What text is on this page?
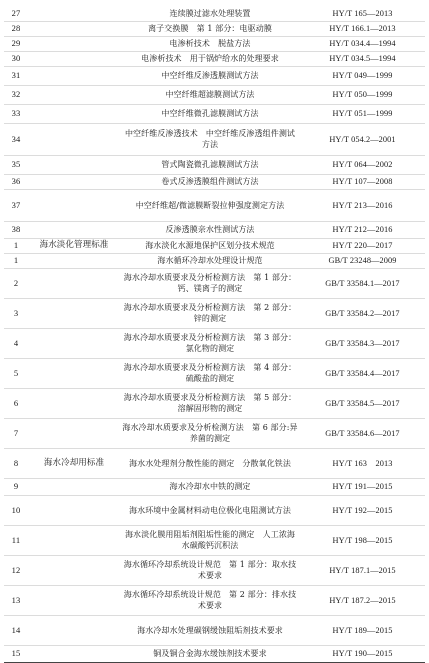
27		连续膜过滤水处理装置	HY/T 165—2013
28		离子交换膜　第 1 部分：电驱动膜	HY/T 166.1—2013
29		电渗析技术　脱盐方法	HY/T 034.4—1994
30		电渗析技术　用于锅炉给水的处理要求	HY/T 034.5—1994
31		中空纤维反渗透膜测试方法	HY/T 049—1999
32		中空纤维超滤膜测试方法	HY/T 050—1999
33		中空纤维微孔滤膜测试方法	HY/T 051—1999
34		中空纤维反渗透技术　中空纤维反渗透组件测试方法	HY/T 054.2—2001
35		管式陶瓷微孔滤膜测试方法	HY/T 064—2002
36		卷式反渗透膜组件测试方法	HY/T 107—2008
37		中空纤维超/微滤膜断裂拉伸强度测定方法	HY/T 213—2016
38		反渗透膜亲水性测试方法	HY/T 212—2016
1	海水淡化管理标准	海水淡化水源地保护区划分技术规范	HY/T 220—2017
1		海水循环冷却水处理设计规范	GB/T 23248—2009
2		海水冷却水质要求及分析检测方法　第 1 部分：钙、镁离子的测定	GB/T 33584.1—2017
3		海水冷却水质要求及分析检测方法　第 2 部分：锌的测定	GB/T 33584.2—2017
4		海水冷却水质要求及分析检测方法　第 3 部分：氯化物的测定	GB/T 33584.3—2017
5		海水冷却水质要求及分析检测方法　第 4 部分：硫酸盐的测定	GB/T 33584.4—2017
6		海水冷却水质要求及分析检测方法　第 5 部分：溶解固形物的测定	GB/T 33584.5—2017
7		海水冷却水质要求及分析检测方法　第 6 部分:异养菌的测定	GB/T 33584.6—2017
8	海水冷却用标准	海水水处理剂分散性能的测定　分散氧化铁法	HY/T 163　2013
9		海水冷却水中铁的测定	HY/T 191—2015
10		海水环境中金属材料动电位极化电阻测试方法	HY/T 192—2015
11		海水淡化膜用阻垢剂阻垢性能的测定　人工浓海水碳酸钙沉积法	HY/T 198—2015
12		海水循环冷却系统设计规范　第 1 部分：取水技术要求	HY/T 187.1—2015
13		海水循环冷却系统设计规范　第 2 部分：排水技术要求	HY/T 187.2—2015
14		海水冷却水处理碳钢缓蚀阻垢剂技术要求	HY/T 189—2015
15		铜及铜合金海水缓蚀剂技术要求	HY/T 190—2015
